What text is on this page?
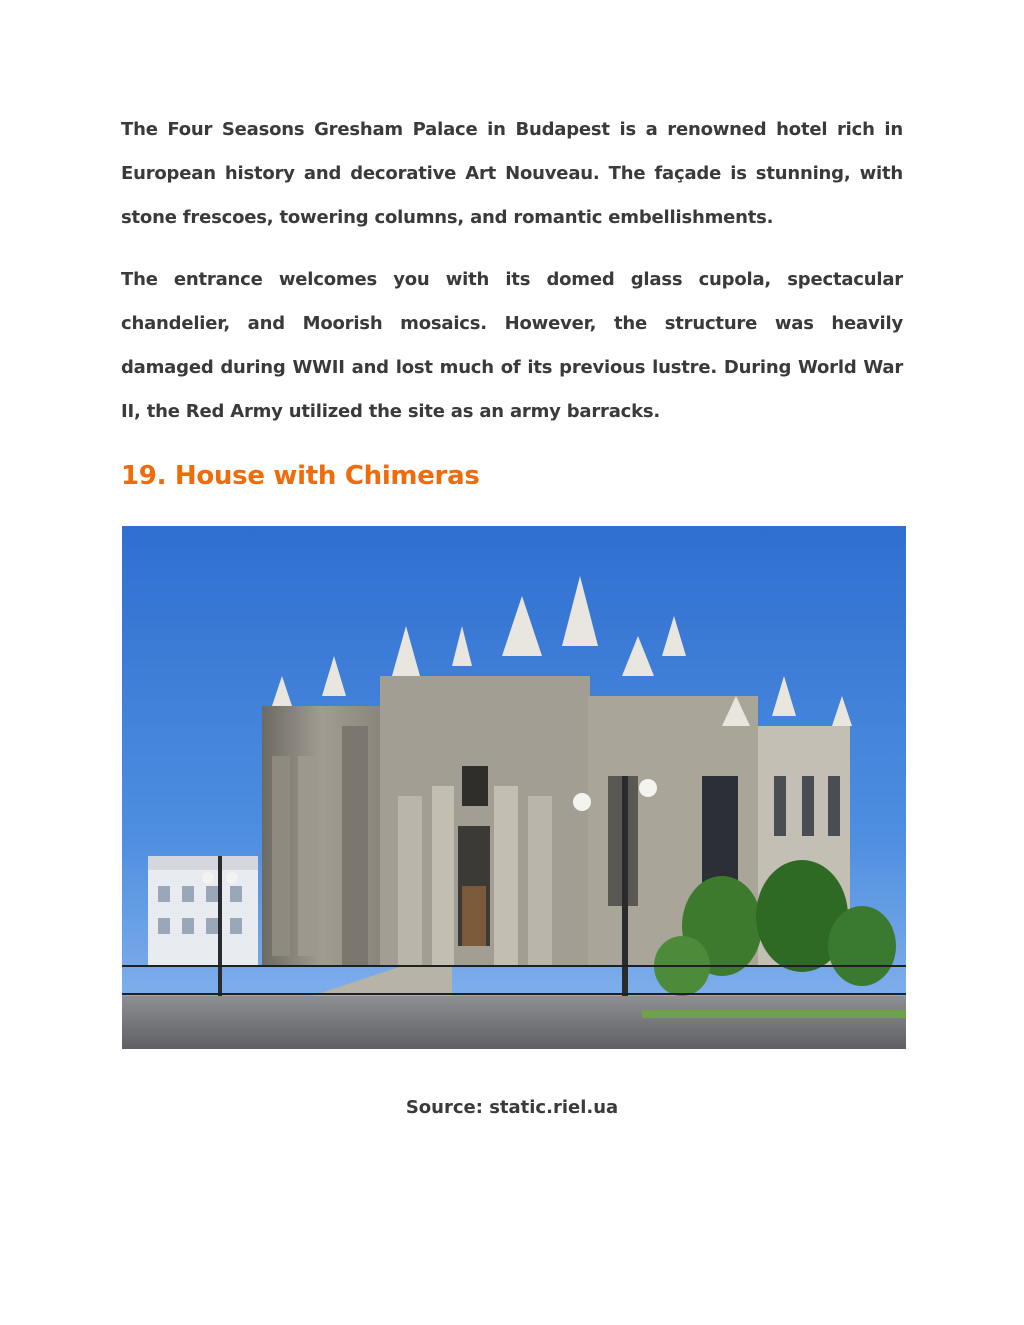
The Four Seasons Gresham Palace in Budapest is a renowned hotel rich in European history and decorative Art Nouveau. The façade is stunning, with stone frescoes, towering columns, and romantic embellishments.

The entrance welcomes you with its domed glass cupola, spectacular chandelier, and Moorish mosaics. However, the structure was heavily damaged during WWII and lost much of its previous lustre. During World War II, the Red Army utilized the site as an army barracks.

19. House with Chimeras
Source: static.riel.ua
